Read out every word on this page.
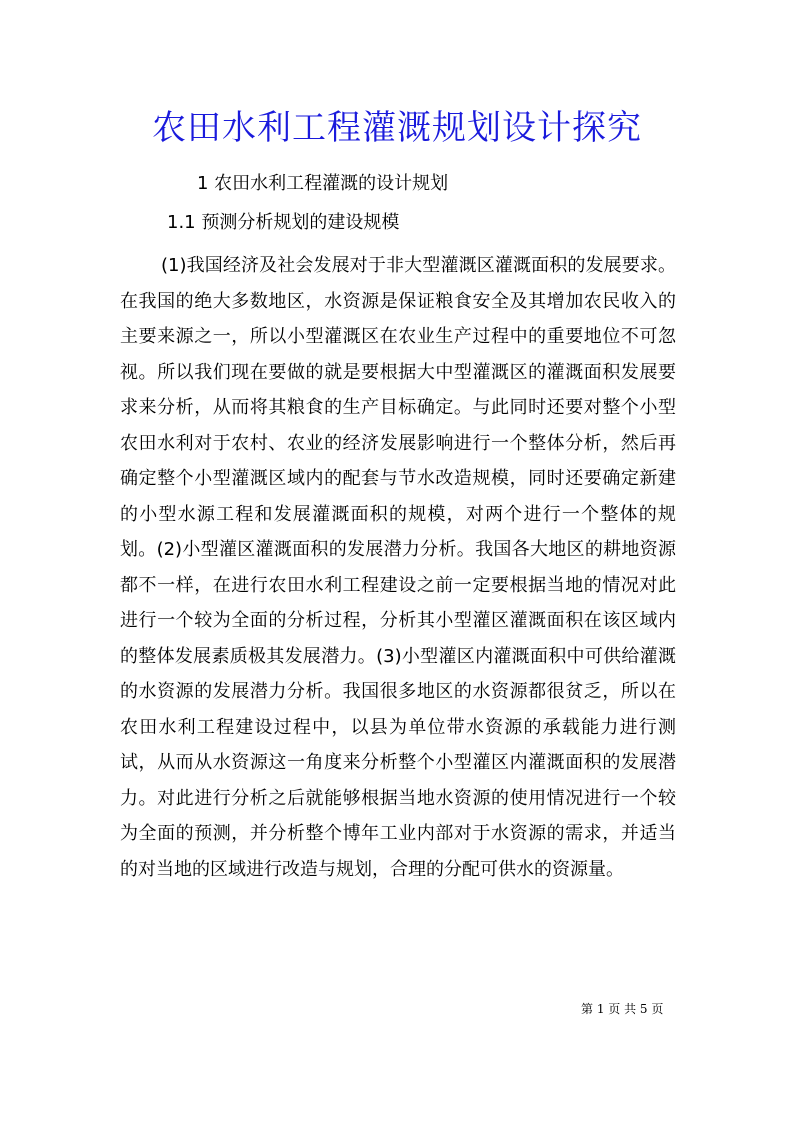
农田水利工程灌溉规划设计探究
1 农田水利工程灌溉的设计规划
1.1 预测分析规划的建设规模

(1)我国经济及社会发展对于非大型灌溉区灌溉面积的发展要求。在我国的绝大多数地区，水资源是保证粮食安全及其增加农民收入的主要来源之一，所以小型灌溉区在农业生产过程中的重要地位不可忽视。所以我们现在要做的就是要根据大中型灌溉区的灌溉面积发展要求来分析，从而将其粮食的生产目标确定。与此同时还要对整个小型农田水利对于农村、农业的经济发展影响进行一个整体分析，然后再确定整个小型灌溉区域内的配套与节水改造规模，同时还要确定新建的小型水源工程和发展灌溉面积的规模，对两个进行一个整体的规划。(2)小型灌区灌溉面积的发展潜力分析。我国各大地区的耕地资源都不一样，在进行农田水利工程建设之前一定要根据当地的情况对此进行一个较为全面的分析过程，分析其小型灌区灌溉面积在该区域内的整体发展素质极其发展潜力。(3)小型灌区内灌溉面积中可供给灌溉的水资源的发展潜力分析。我国很多地区的水资源都很贫乏，所以在农田水利工程建设过程中，以县为单位带水资源的承载能力进行测试，从而从水资源这一角度来分析整个小型灌区内灌溉面积的发展潜力。对此进行分析之后就能够根据当地水资源的使用情况进行一个较为全面的预测，并分析整个博年工业内部对于水资源的需求，并适当的对当地的区域进行改造与规划，合理的分配可供水的资源量。

第 1 页 共 5 页
